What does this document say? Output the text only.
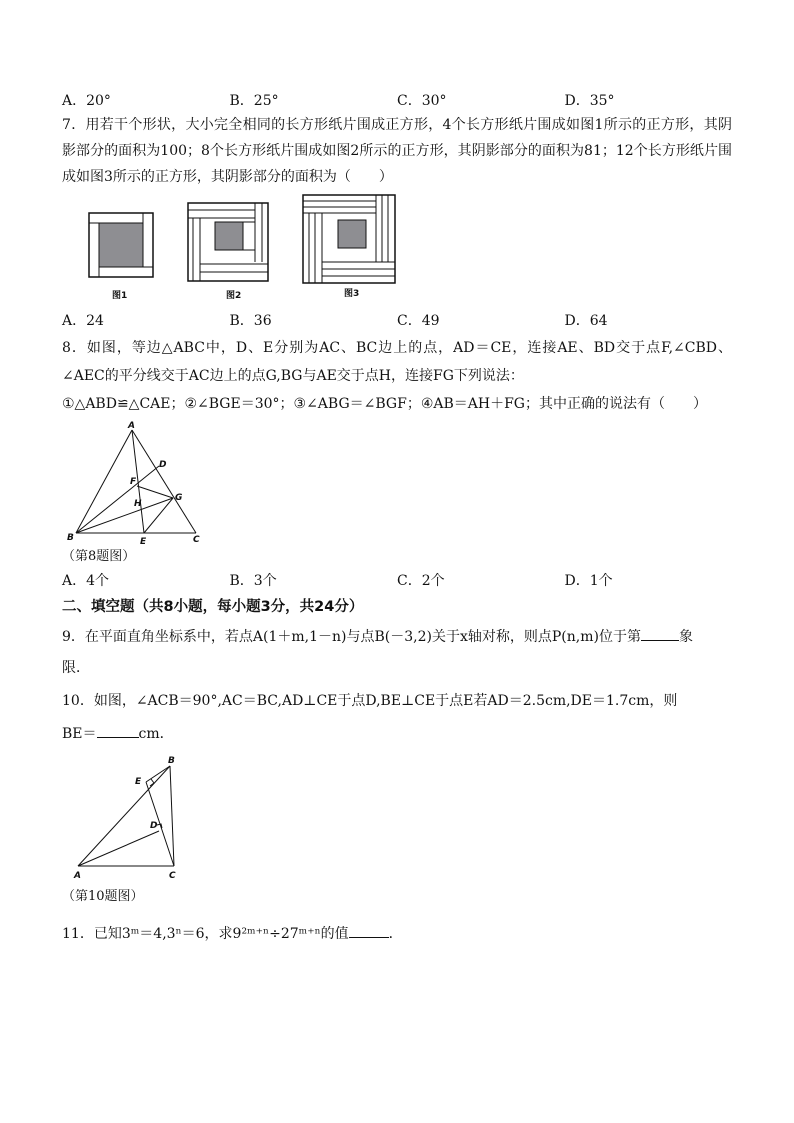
A．20°	B．25°	C．30°	D．35°
7．用若干个形状，大小完全相同的长方形纸片围成正方形，4个长方形纸片围成如图1所示的正方形，其阴影部分的面积为100；8个长方形纸片围成如图2所示的正方形，其阴影部分的面积为81；12个长方形纸片围成如图3所示的正方形，其阴影部分的面积为（　　）
图1	图2	图3
A．24	B．36	C．49	D．64
8．如图，等边△ABC中，D、E分别为AC、BC边上的点，AD＝CE，连接AE、BD交于点F,∠CBD、∠AEC的平分线交于AC边上的点G,BG与AE交于点H，连接FG下列说法：
①△ABD≌△CAE；②∠BGE＝30°；③∠ABG＝∠BGF；④AB＝AH＋FG；其中正确的说法有（　　）
A
D
F
H
G
B	E	C
（第8题图）
A．4个	B．3个	C．2个	D．1个
二、填空题（共8小题，每小题3分，共24分）
9．在平面直角坐标系中，若点A(1＋m,1－n)与点B(－3,2)关于x轴对称，则点P(n,m)位于第	象
限．
10．如图，∠ACB＝90°,AC＝BC,AD⊥CE于点D,BE⊥CE于点E若AD＝2.5cm,DE＝1.7cm，则
BE＝	cm．
B
E
D
A	C
（第10题图）
11．已知3ᵐ＝4,3ⁿ＝6，求9²ᵐ⁺ⁿ÷27ᵐ⁺ⁿ的值	．
